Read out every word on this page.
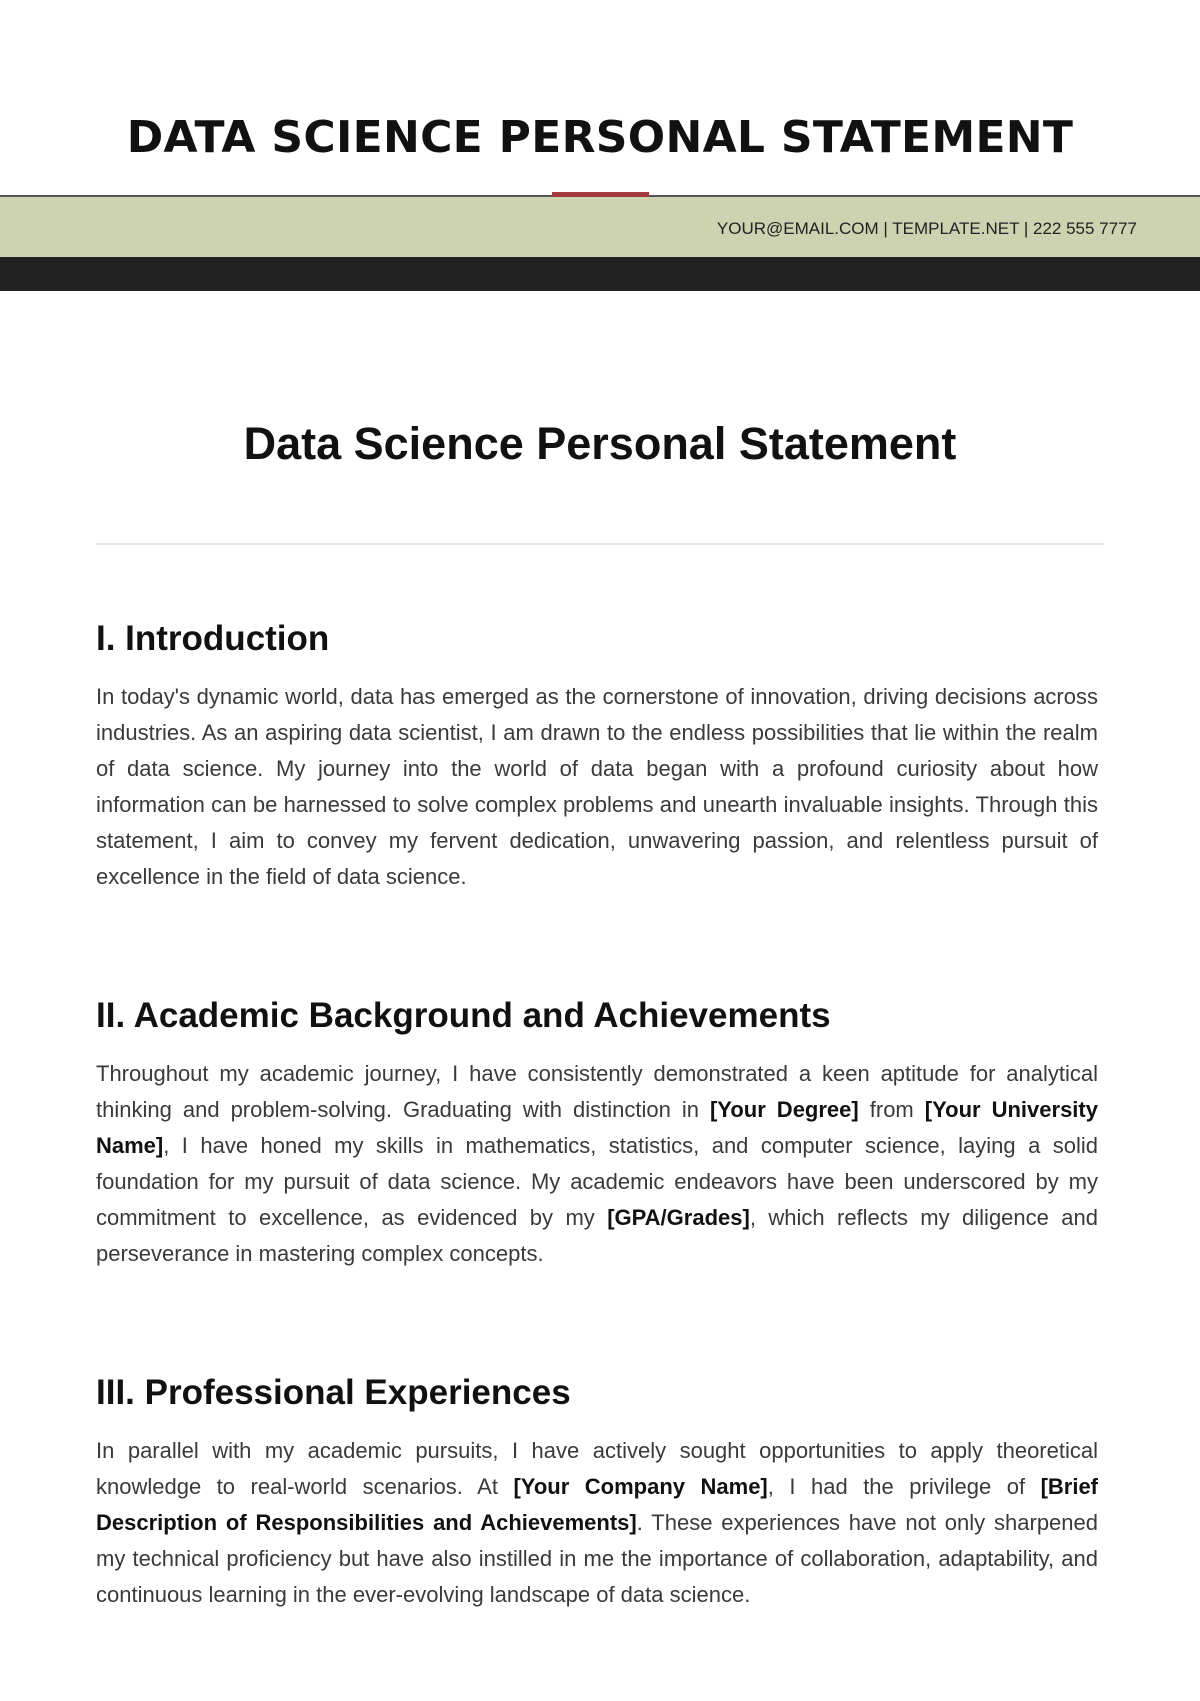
DATA SCIENCE PERSONAL STATEMENT

YOUR@EMAIL.COM | TEMPLATE.NET | 222 555 7777

Data Science Personal Statement
I. Introduction

In today's dynamic world, data has emerged as the cornerstone of innovation, driving decisions across industries. As an aspiring data scientist, I am drawn to the endless possibilities that lie within the realm of data science. My journey into the world of data began with a profound curiosity about how information can be harnessed to solve complex problems and unearth invaluable insights. Through this statement, I aim to convey my fervent dedication, unwavering passion, and relentless pursuit of excellence in the field of data science.

II. Academic Background and Achievements

Throughout my academic journey, I have consistently demonstrated a keen aptitude for analytical thinking and problem-solving. Graduating with distinction in [Your Degree] from [Your University Name], I have honed my skills in mathematics, statistics, and computer science, laying a solid foundation for my pursuit of data science. My academic endeavors have been underscored by my commitment to excellence, as evidenced by my [GPA/Grades], which reflects my diligence and perseverance in mastering complex concepts.

III. Professional Experiences

In parallel with my academic pursuits, I have actively sought opportunities to apply theoretical knowledge to real-world scenarios. At [Your Company Name], I had the privilege of [Brief Description of Responsibilities and Achievements]. These experiences have not only sharpened my technical proficiency but have also instilled in me the importance of collaboration, adaptability, and continuous learning in the ever-evolving landscape of data science.
